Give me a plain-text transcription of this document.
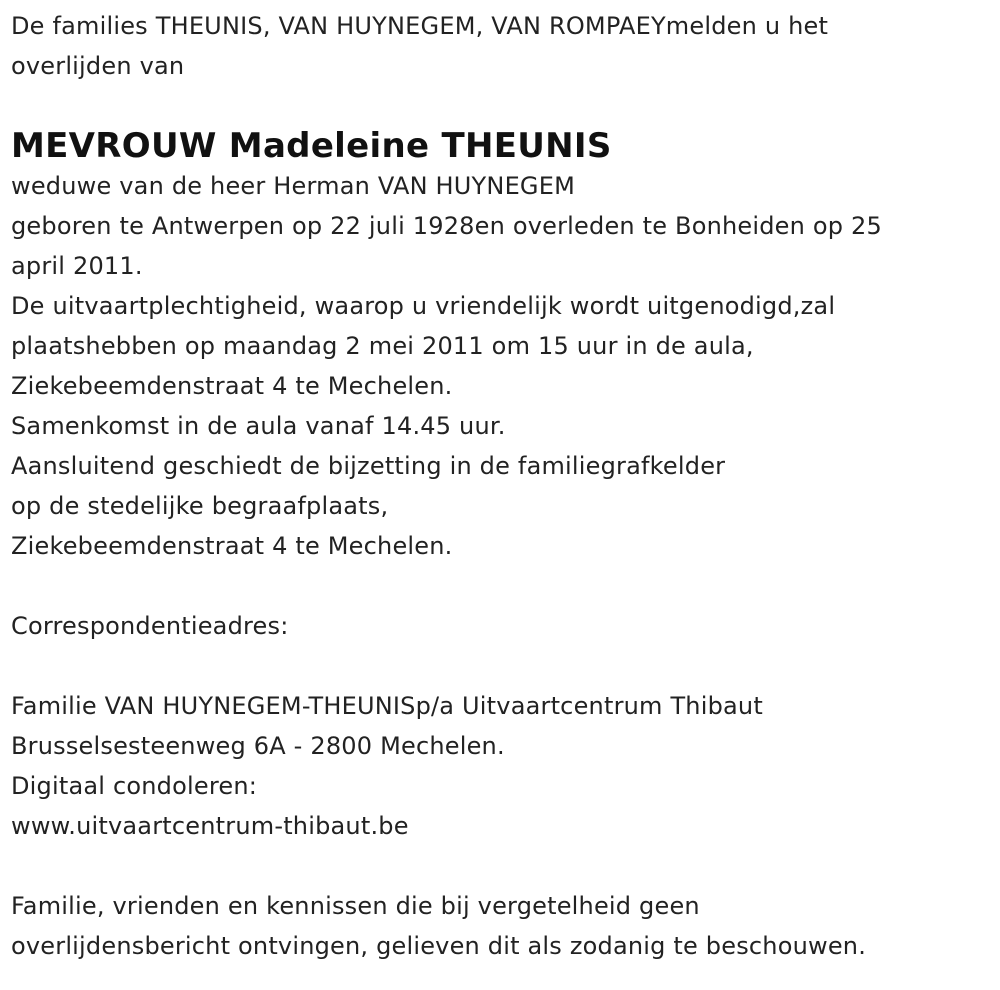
De families THEUNIS, VAN HUYNEGEM, VAN ROMPAEYmelden u het
overlijden van
MEVROUW Madeleine THEUNIS
weduwe van de heer Herman VAN HUYNEGEM
geboren te Antwerpen op 22 juli 1928en overleden te Bonheiden op 25
april 2011.
De uitvaartplechtigheid, waarop u vriendelijk wordt uitgenodigd,zal
plaatshebben op maandag 2 mei 2011 om 15 uur in de aula,
Ziekebeemdenstraat 4 te Mechelen.
Samenkomst in de aula vanaf 14.45 uur.
Aansluitend geschiedt de bijzetting in de familiegrafkelder
op de stedelijke begraafplaats,
Ziekebeemdenstraat 4 te Mechelen.
Correspondentieadres:
Familie VAN HUYNEGEM-THEUNISp/a Uitvaartcentrum Thibaut
Brusselsesteenweg 6A - 2800 Mechelen.
Digitaal condoleren:
www.uitvaartcentrum-thibaut.be
Familie, vrienden en kennissen die bij vergetelheid geen
overlijdensbericht ontvingen, gelieven dit als zodanig te beschouwen.
